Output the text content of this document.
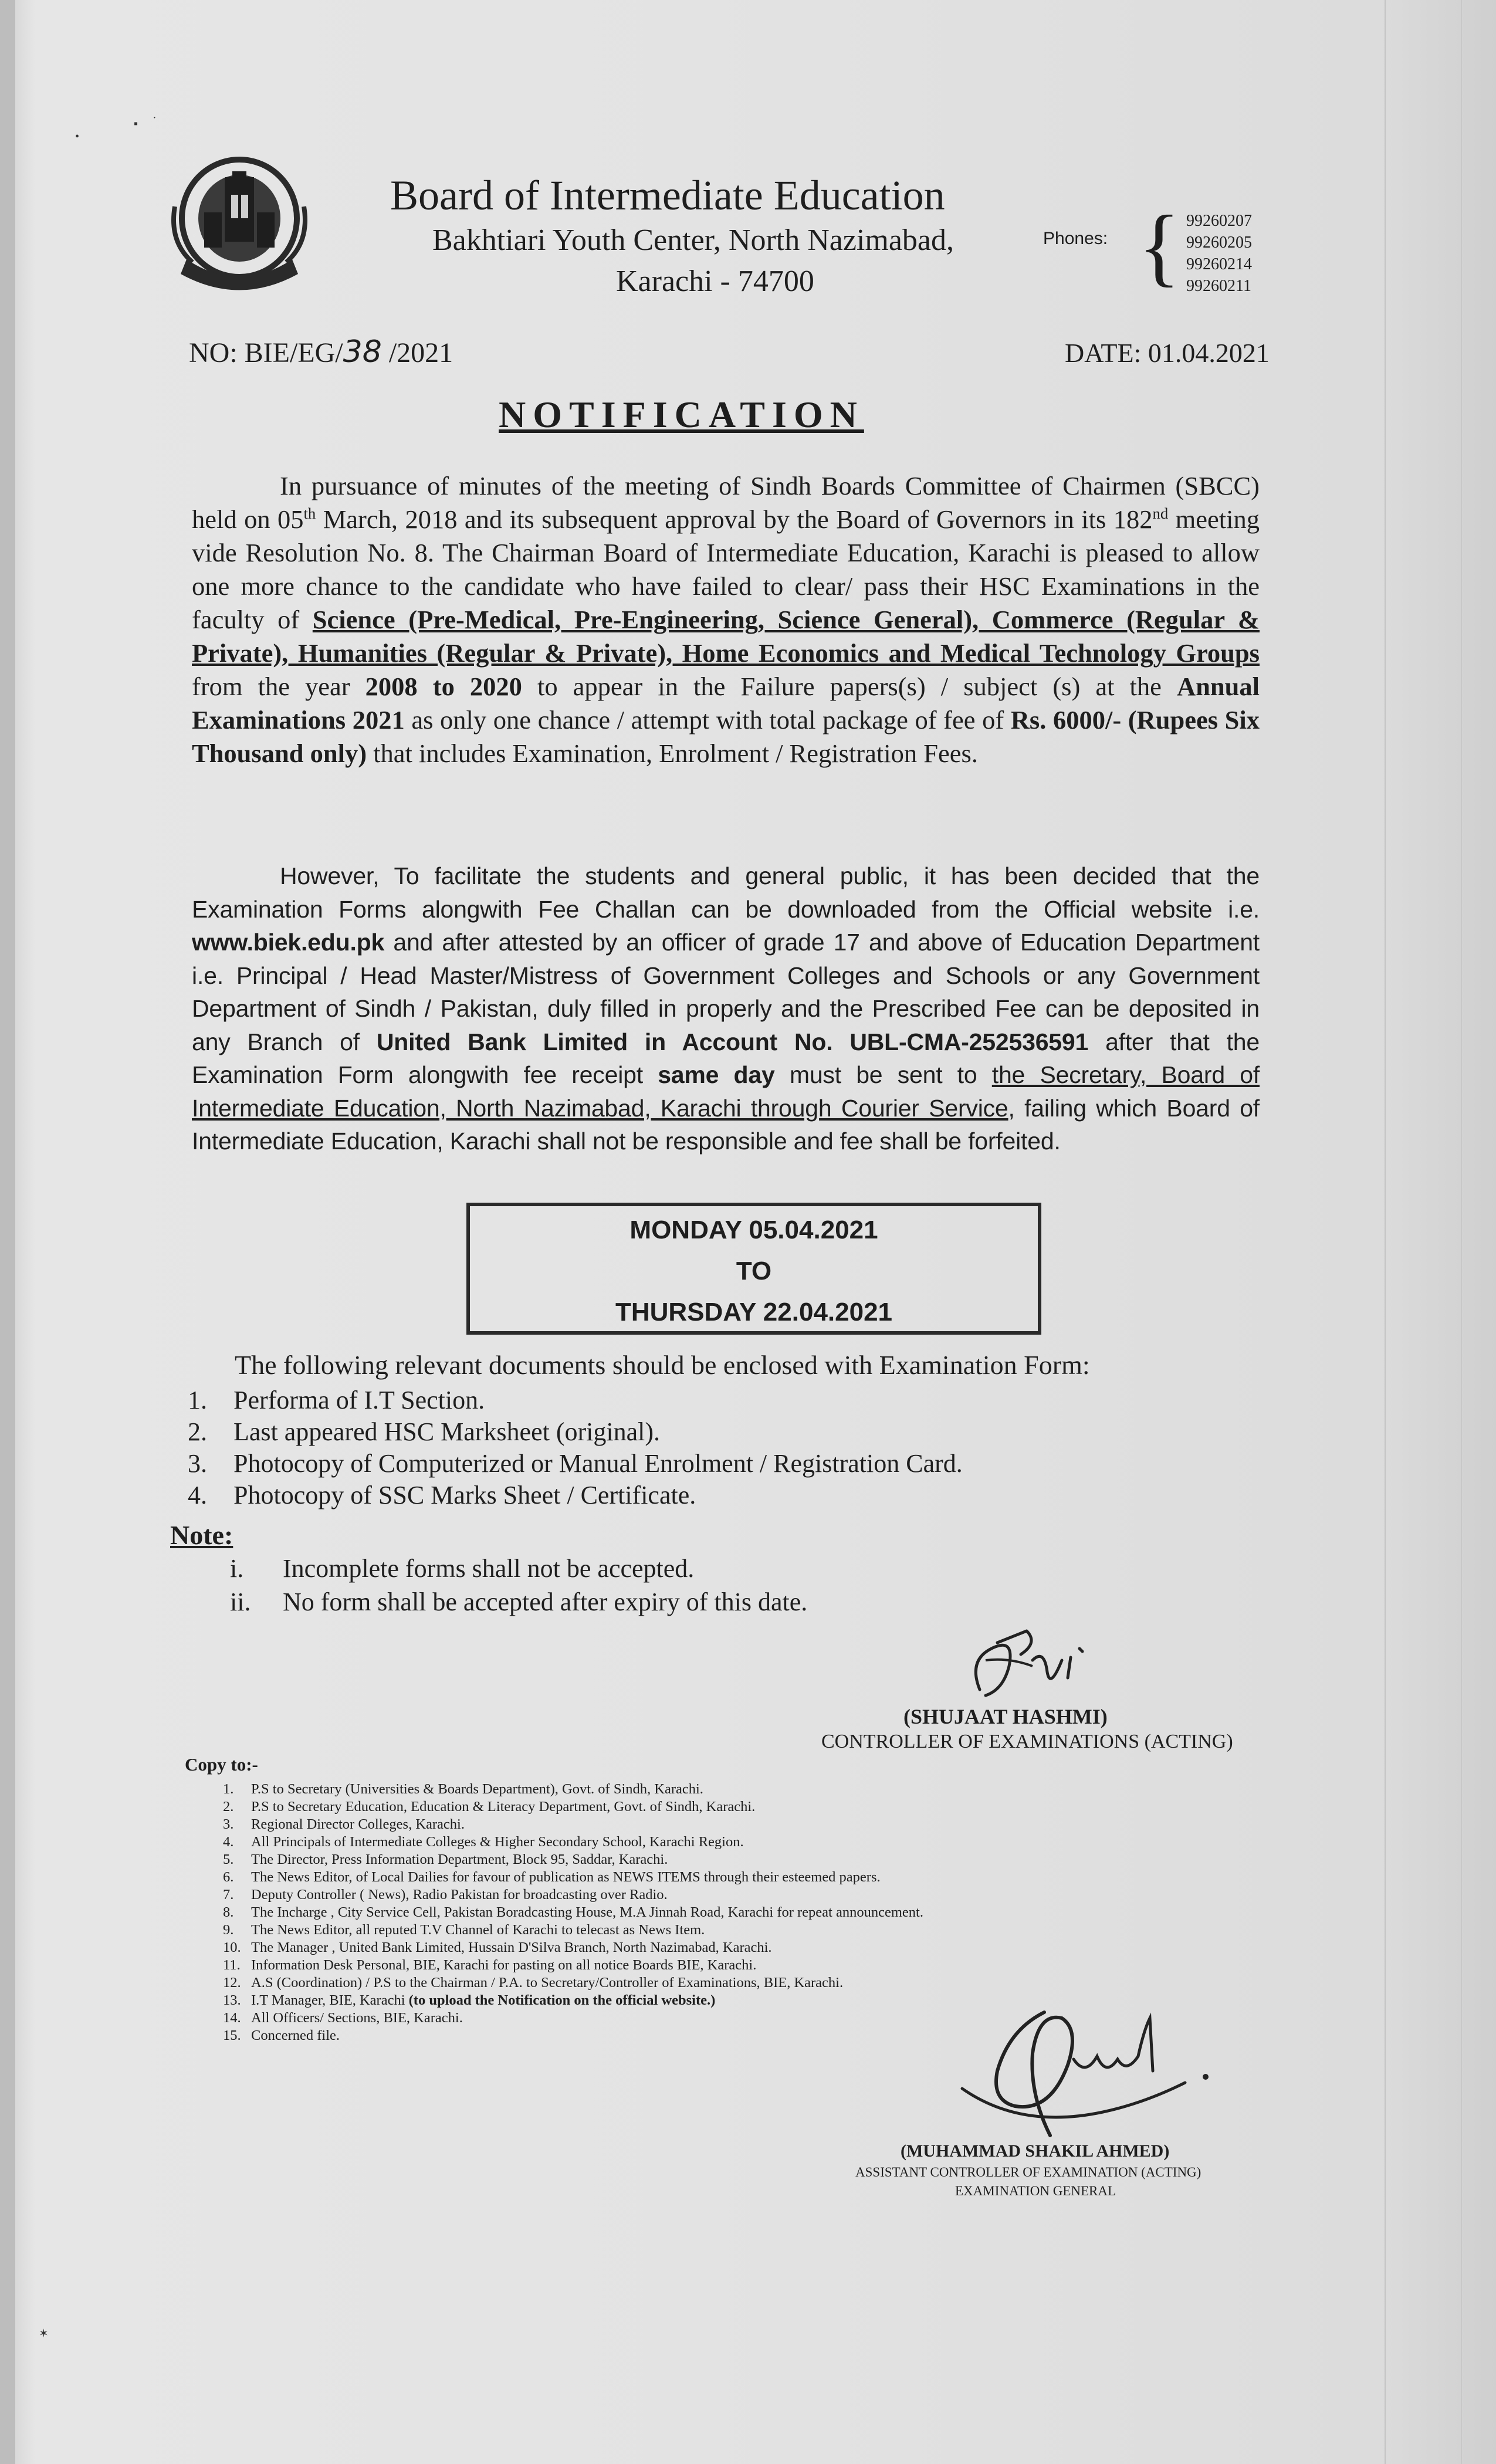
•
▪ ·
✶
Board of Intermediate Education
Bakhtiari Youth Center, North Nazimabad,
Karachi - 74700
Phones: { 99260207
99260205
99260214
99260211
NO: BIE/EG/38 /2021	DATE: 01.04.2021
NOTIFICATION
In pursuance of minutes of the meeting of Sindh Boards Committee of Chairmen (SBCC) held on 05th March, 2018 and its subsequent approval by the Board of Governors in its 182nd meeting vide Resolution No. 8. The Chairman Board of Intermediate Education, Karachi is pleased to allow one more chance to the candidate who have failed to clear/ pass their HSC Examinations in the faculty of Science (Pre-Medical, Pre-Engineering, Science General), Commerce (Regular & Private), Humanities (Regular & Private), Home Economics and Medical Technology Groups from the year 2008 to 2020 to appear in the Failure papers(s) / subject (s) at the Annual Examinations 2021 as only one chance / attempt with total package of fee of Rs. 6000/- (Rupees Six Thousand only) that includes Examination, Enrolment / Registration Fees.
However, To facilitate the students and general public, it has been decided that the Examination Forms alongwith Fee Challan can be downloaded from the Official website i.e. www.biek.edu.pk and after attested by an officer of grade 17 and above of Education Department i.e. Principal / Head Master/Mistress of Government Colleges and Schools or any Government Department of Sindh / Pakistan, duly filled in properly and the Prescribed Fee can be deposited in any Branch of United Bank Limited in Account No. UBL-CMA-252536591 after that the Examination Form alongwith fee receipt same day must be sent to the Secretary, Board of Intermediate Education, North Nazimabad, Karachi through Courier Service, failing which Board of Intermediate Education, Karachi shall not be responsible and fee shall be forfeited.
MONDAY 05.04.2021
TO
THURSDAY 22.04.2021
The following relevant documents should be enclosed with Examination Form:
1. Performa of I.T Section.
2. Last appeared HSC Marksheet (original).
3. Photocopy of Computerized or Manual Enrolment / Registration Card.
4. Photocopy of SSC Marks Sheet / Certificate.
Note:
i. Incomplete forms shall not be accepted.
ii. No form shall be accepted after expiry of this date.
(SHUJAAT HASHMI)
CONTROLLER OF EXAMINATIONS (ACTING)
Copy to:-
1. P.S to Secretary (Universities & Boards Department), Govt. of Sindh, Karachi.
2. P.S to Secretary Education, Education & Literacy Department, Govt. of Sindh, Karachi.
3. Regional Director Colleges, Karachi.
4. All Principals of Intermediate Colleges & Higher Secondary School, Karachi Region.
5. The Director, Press Information Department, Block 95, Saddar, Karachi.
6. The News Editor, of Local Dailies for favour of publication as NEWS ITEMS through their esteemed papers.
7. Deputy Controller ( News), Radio Pakistan for broadcasting over Radio.
8. The Incharge , City Service Cell, Pakistan Boradcasting House, M.A Jinnah Road, Karachi for repeat announcement.
9. The News Editor, all reputed T.V Channel of Karachi to telecast as News Item.
10. The Manager , United Bank Limited, Hussain D'Silva Branch, North Nazimabad, Karachi.
11. Information Desk Personal, BIE, Karachi for pasting on all notice Boards BIE, Karachi.
12. A.S (Coordination) / P.S to the Chairman / P.A. to Secretary/Controller of Examinations, BIE, Karachi.
13. I.T Manager, BIE, Karachi (to upload the Notification on the official website.)
14. All Officers/ Sections, BIE, Karachi.
15. Concerned file.
(MUHAMMAD SHAKIL AHMED)
ASSISTANT CONTROLLER OF EXAMINATION (ACTING)
EXAMINATION GENERAL
